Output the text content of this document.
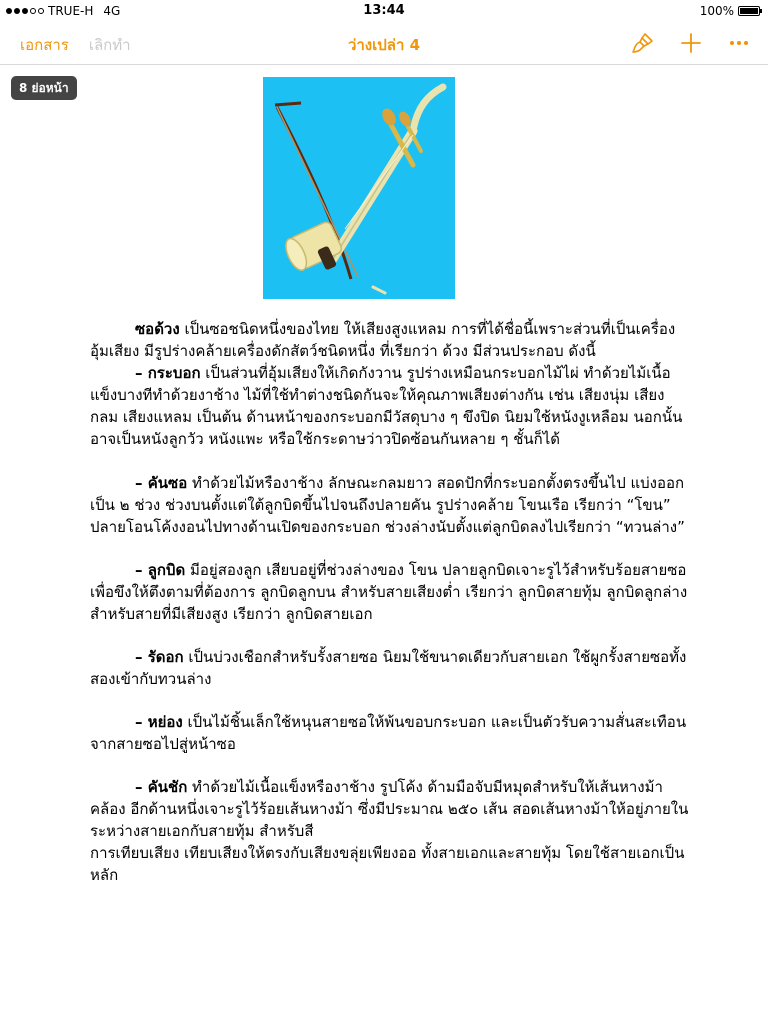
TRUE-H 4G	13:44	100%
เอกสาร เลิกทำ	ว่างเปล่า 4
8 ย่อหน้า

ซอด้วง เป็นซอชนิดหนึ่งของไทย ให้เสียงสูงแหลม การที่ได้ชื่อนี้เพราะส่วนที่เป็นเครื่องอุ้มเสียง มีรูปร่างคล้ายเครื่องดักสัตว์ชนิดหนึ่ง ที่เรียกว่า ด้วง มีส่วนประกอบ ดังนี้
– กระบอก เป็นส่วนที่อุ้มเสียงให้เกิดกังวาน รูปร่างเหมือนกระบอกไม้ไผ่ ทำด้วยไม้เนื้อแข็งบางทีทำด้วยงาช้าง ไม้ที่ใช้ทำต่างชนิดกันจะให้คุณภาพเสียงต่างกัน เช่น เสียงนุ่ม เสียงกลม เสียงแหลม เป็นต้น ด้านหน้าของกระบอกมีวัสดุบาง ๆ ขึงปิด นิยมใช้หนังงูเหลือม นอกนั้นอาจเป็นหนังลูกวัว หนังแพะ หรือใช้กระดาษว่าวปิดซ้อนกันหลาย ๆ ชั้นก็ได้

– คันซอ ทำด้วยไม้หรืองาช้าง ลักษณะกลมยาว สอดปักที่กระบอกตั้งตรงขึ้นไป แบ่งออกเป็น ๒ ช่วง ช่วงบนตั้งแต่ใต้ลูกบิดขึ้นไปจนถึงปลายคัน รูปร่างคล้าย โขนเรือ เรียกว่า “โขน” ปลายโอนโค้งงอนไปทางด้านเปิดของกระบอก ช่วงล่างนับตั้งแต่ลูกบิดลงไปเรียกว่า “ทวนล่าง”

– ลูกบิด มีอยู่สองลูก เสียบอยู่ที่ช่วงล่างของ โขน ปลายลูกบิดเจาะรูไว้สำหรับร้อยสายซอ เพื่อขึงให้ตึงตามที่ต้องการ ลูกบิดลูกบน สำหรับสายเสียงต่ำ เรียกว่า ลูกบิดสายทุ้ม ลูกบิดลูกล่าง สำหรับสายที่มีเสียงสูง เรียกว่า ลูกบิดสายเอก

– รัดอก เป็นบ่วงเชือกสำหรับรั้งสายซอ นิยมใช้ขนาดเดียวกับสายเอก ใช้ผูกรั้งสายซอทั้งสองเข้ากับทวนล่าง

– หย่อง เป็นไม้ชิ้นเล็กใช้หนุนสายซอให้พ้นขอบกระบอก และเป็นตัวรับความสั่นสะเทือนจากสายซอไปสู่หน้าซอ

– คันชัก ทำด้วยไม้เนื้อแข็งหรืองาช้าง รูปโค้ง ด้ามมือจับมีหมุดสำหรับให้เส้นหางม้าคล้อง อีกด้านหนึ่งเจาะรูไว้ร้อยเส้นหางม้า ซึ่งมีประมาณ ๒๕๐ เส้น สอดเส้นหางม้าให้อยู่ภายในระหว่างสายเอกกับสายทุ้ม สำหรับสี
การเทียบเสียง เทียบเสียงให้ตรงกับเสียงขลุ่ยเพียงออ ทั้งสายเอกและสายทุ้ม โดยใช้สายเอกเป็นหลัก
